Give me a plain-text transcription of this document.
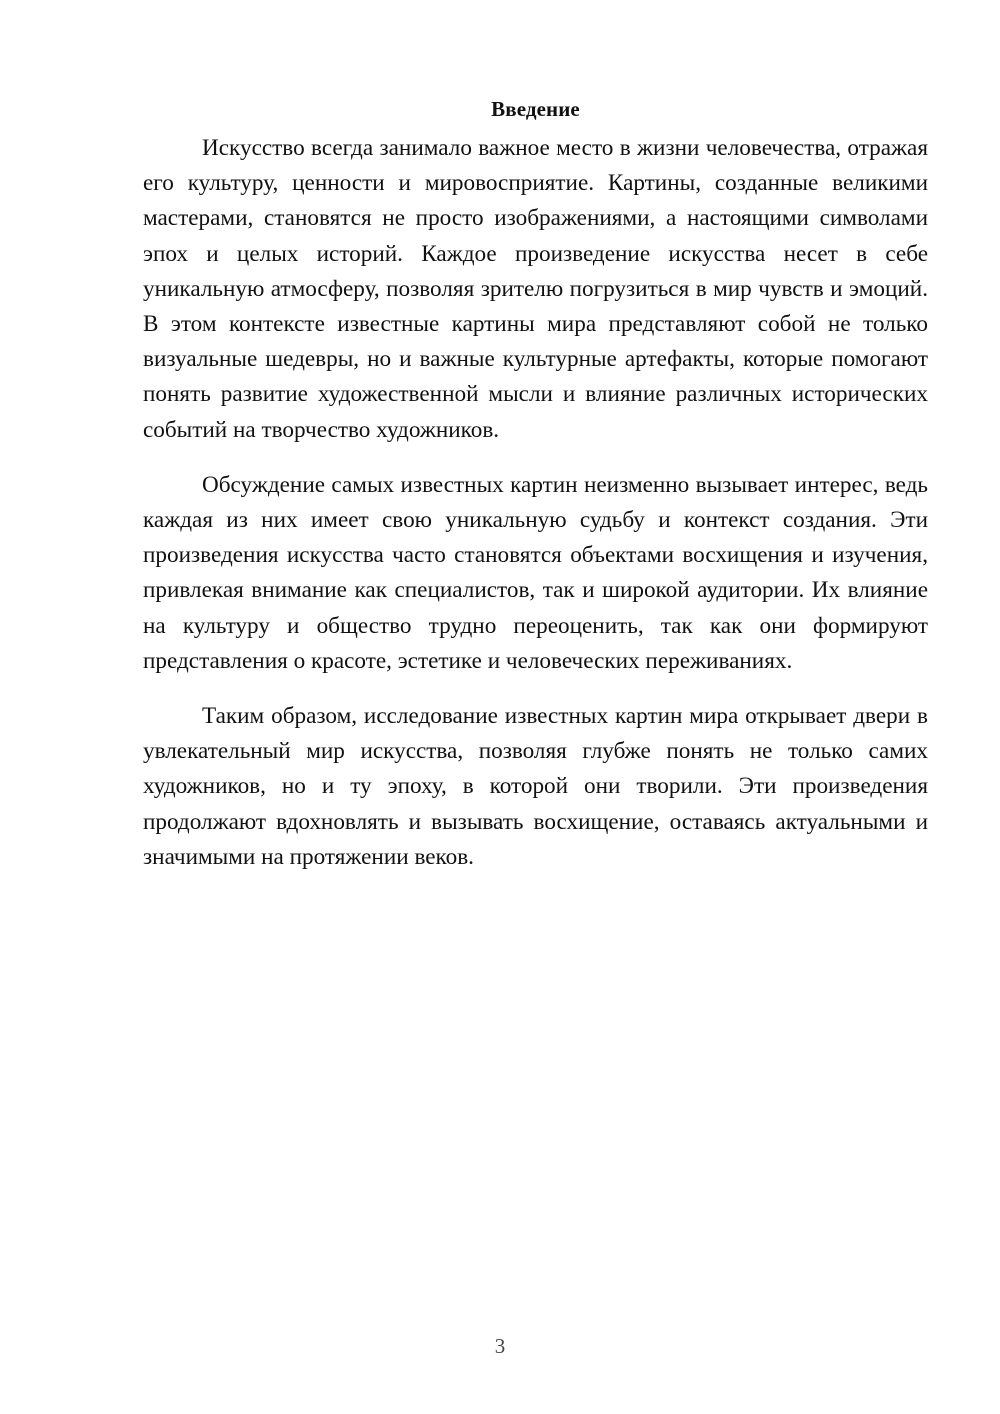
Введение

Искусство всегда занимало важное место в жизни человечества, отражая его культуру, ценности и мировосприятие. Картины, созданные великими мастерами, становятся не просто изображениями, а настоящими символами эпох и целых историй. Каждое произведение искусства несет в себе уникальную атмосферу, позволяя зрителю погрузиться в мир чувств и эмоций. В этом контексте известные картины мира представляют собой не только визуальные шедевры, но и важные культурные артефакты, которые помогают понять развитие художественной мысли и влияние различных исторических событий на творчество художников.

Обсуждение самых известных картин неизменно вызывает интерес, ведь каждая из них имеет свою уникальную судьбу и контекст создания. Эти произведения искусства часто становятся объектами восхищения и изучения, привлекая внимание как специалистов, так и широкой аудитории. Их влияние на культуру и общество трудно переоценить, так как они формируют представления о красоте, эстетике и человеческих переживаниях.

Таким образом, исследование известных картин мира открывает двери в увлекательный мир искусства, позволяя глубже понять не только самих художников, но и ту эпоху, в которой они творили. Эти произведения продолжают вдохновлять и вызывать восхищение, оставаясь актуальными и значимыми на протяжении веков.

3
